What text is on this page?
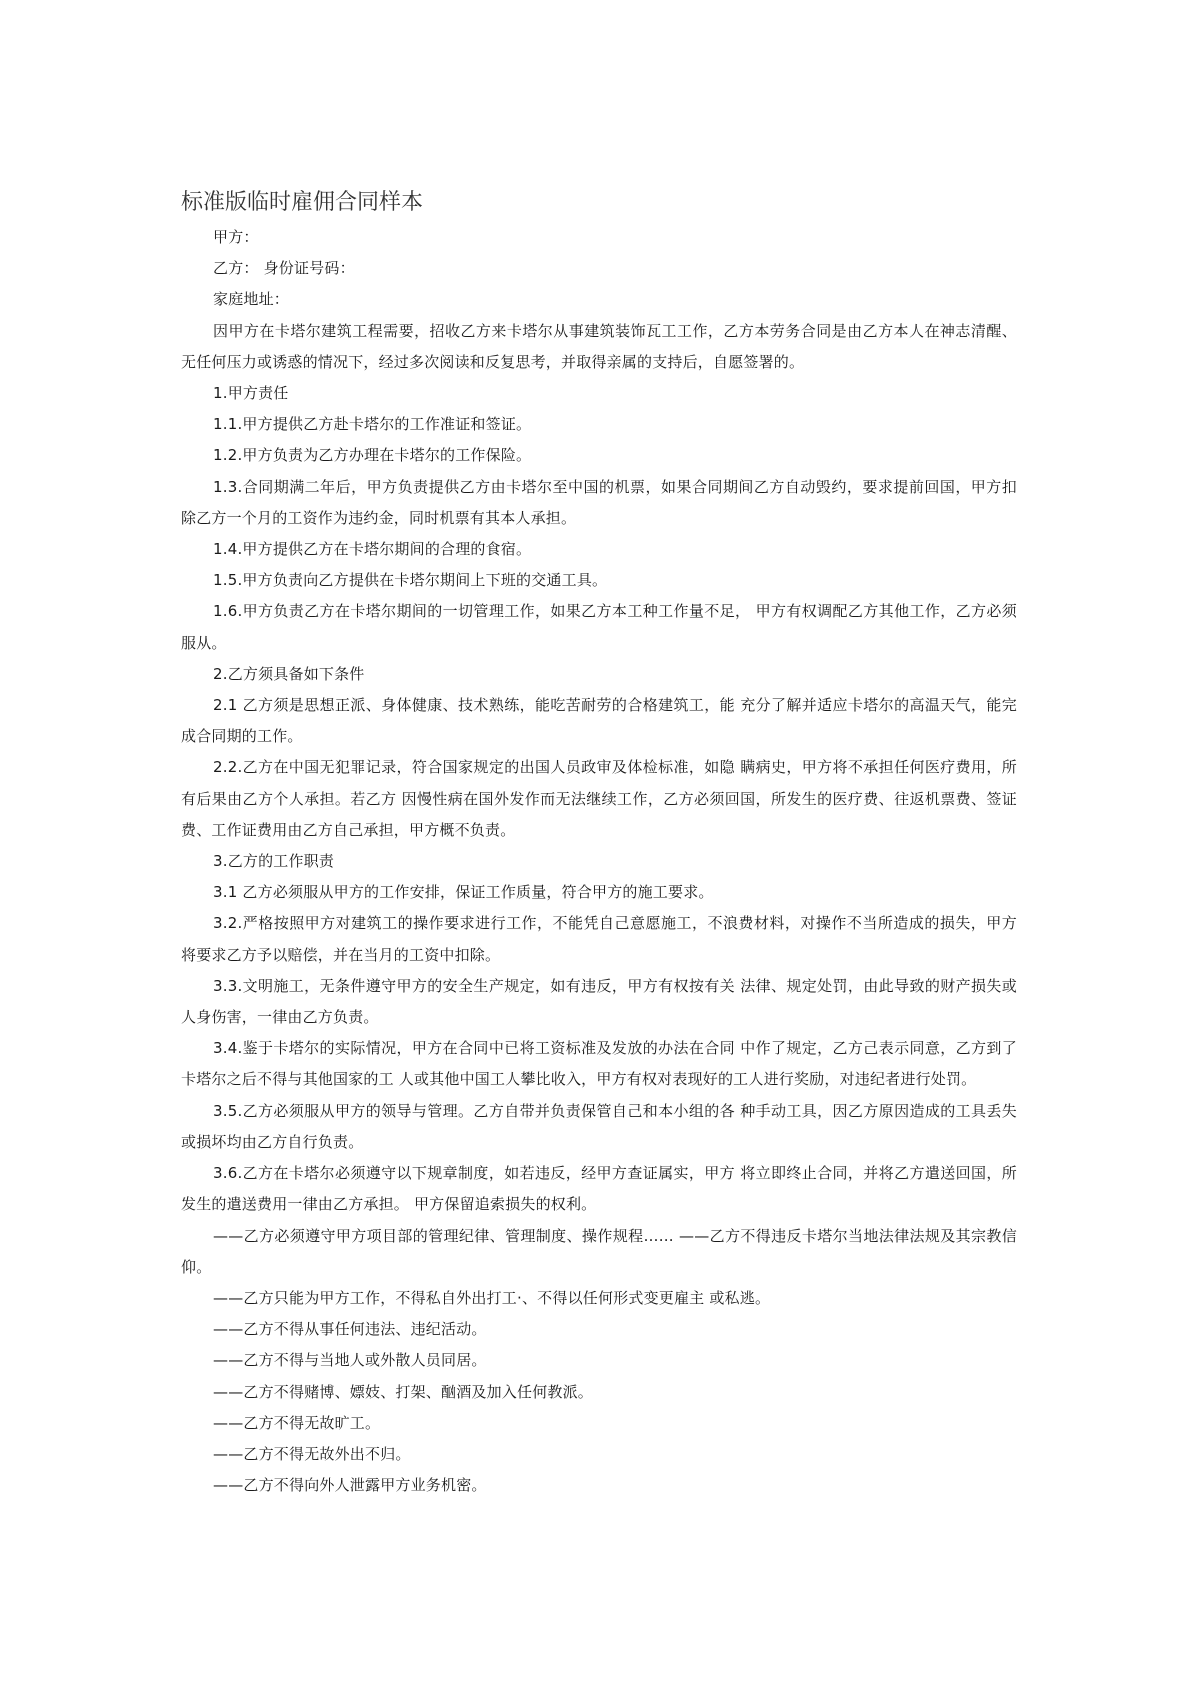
标准版临时雇佣合同样本

甲方：

乙方： 身份证号码：

家庭地址：

因甲方在卡塔尔建筑工程需要，招收乙方来卡塔尔从事建筑装饰瓦工工作，乙方本劳务合同是由乙方本人在神志清醒、无任何压力或诱惑的情况下，经过多次阅读和反复思考，并取得亲属的支持后，自愿签署的。

1.甲方责任

1.1.甲方提供乙方赴卡塔尔的工作准证和签证。

1.2.甲方负责为乙方办理在卡塔尔的工作保险。

1.3.合同期满二年后，甲方负责提供乙方由卡塔尔至中国的机票，如果合同期间乙方自动毁约，要求提前回国，甲方扣除乙方一个月的工资作为违约金，同时机票有其本人承担。

1.4.甲方提供乙方在卡塔尔期间的合理的食宿。

1.5.甲方负责向乙方提供在卡塔尔期间上下班的交通工具。

1.6.甲方负责乙方在卡塔尔期间的一切管理工作，如果乙方本工种工作量不足， 甲方有权调配乙方其他工作，乙方必须服从。

2.乙方须具备如下条件

2.1 乙方须是思想正派、身体健康、技术熟练，能吃苦耐劳的合格建筑工，能 充分了解并适应卡塔尔的高温天气，能完成合同期的工作。

2.2.乙方在中国无犯罪记录，符合国家规定的出国人员政审及体检标准，如隐 瞒病史，甲方将不承担任何医疗费用，所有后果由乙方个人承担。若乙方 因慢性病在国外发作而无法继续工作，乙方必须回国，所发生的医疗费、往返机票费、签证费、工作证费用由乙方自己承担，甲方概不负责。

3.乙方的工作职责

3.1 乙方必须服从甲方的工作安排，保证工作质量，符合甲方的施工要求。

3.2.严格按照甲方对建筑工的操作要求进行工作，不能凭自己意愿施工，不浪费材料，对操作不当所造成的损失，甲方将要求乙方予以赔偿，并在当月的工资中扣除。

3.3.文明施工，无条件遵守甲方的安全生产规定，如有违反，甲方有权按有关 法律、规定处罚，由此导致的财产损失或人身伤害，一律由乙方负责。

3.4.鉴于卡塔尔的实际情况，甲方在合同中已将工资标准及发放的办法在合同 中作了规定，乙方己表示同意，乙方到了卡塔尔之后不得与其他国家的工 人或其他中国工人攀比收入，甲方有权对表现好的工人进行奖励，对违纪者进行处罚。

3.5.乙方必须服从甲方的领导与管理。乙方自带并负责保管自己和本小组的各 种手动工具，因乙方原因造成的工具丢失或损坏均由乙方自行负责。

3.6.乙方在卡塔尔必须遵守以下规章制度，如若违反，经甲方查证属实，甲方 将立即终止合同，并将乙方遣送回国，所发生的遣送费用一律由乙方承担。 甲方保留追索损失的权利。

——乙方必须遵守甲方项目部的管理纪律、管理制度、操作规程…… ——乙方不得违反卡塔尔当地法律法规及其宗教信仰。

——乙方只能为甲方工作，不得私自外出打工·、不得以任何形式变更雇主 或私逃。

——乙方不得从事任何违法、违纪活动。

——乙方不得与当地人或外散人员同居。

——乙方不得赌博、嫖妓、打架、酗酒及加入任何教派。

——乙方不得无故旷工。

——乙方不得无故外出不归。

——乙方不得向外人泄露甲方业务机密。
